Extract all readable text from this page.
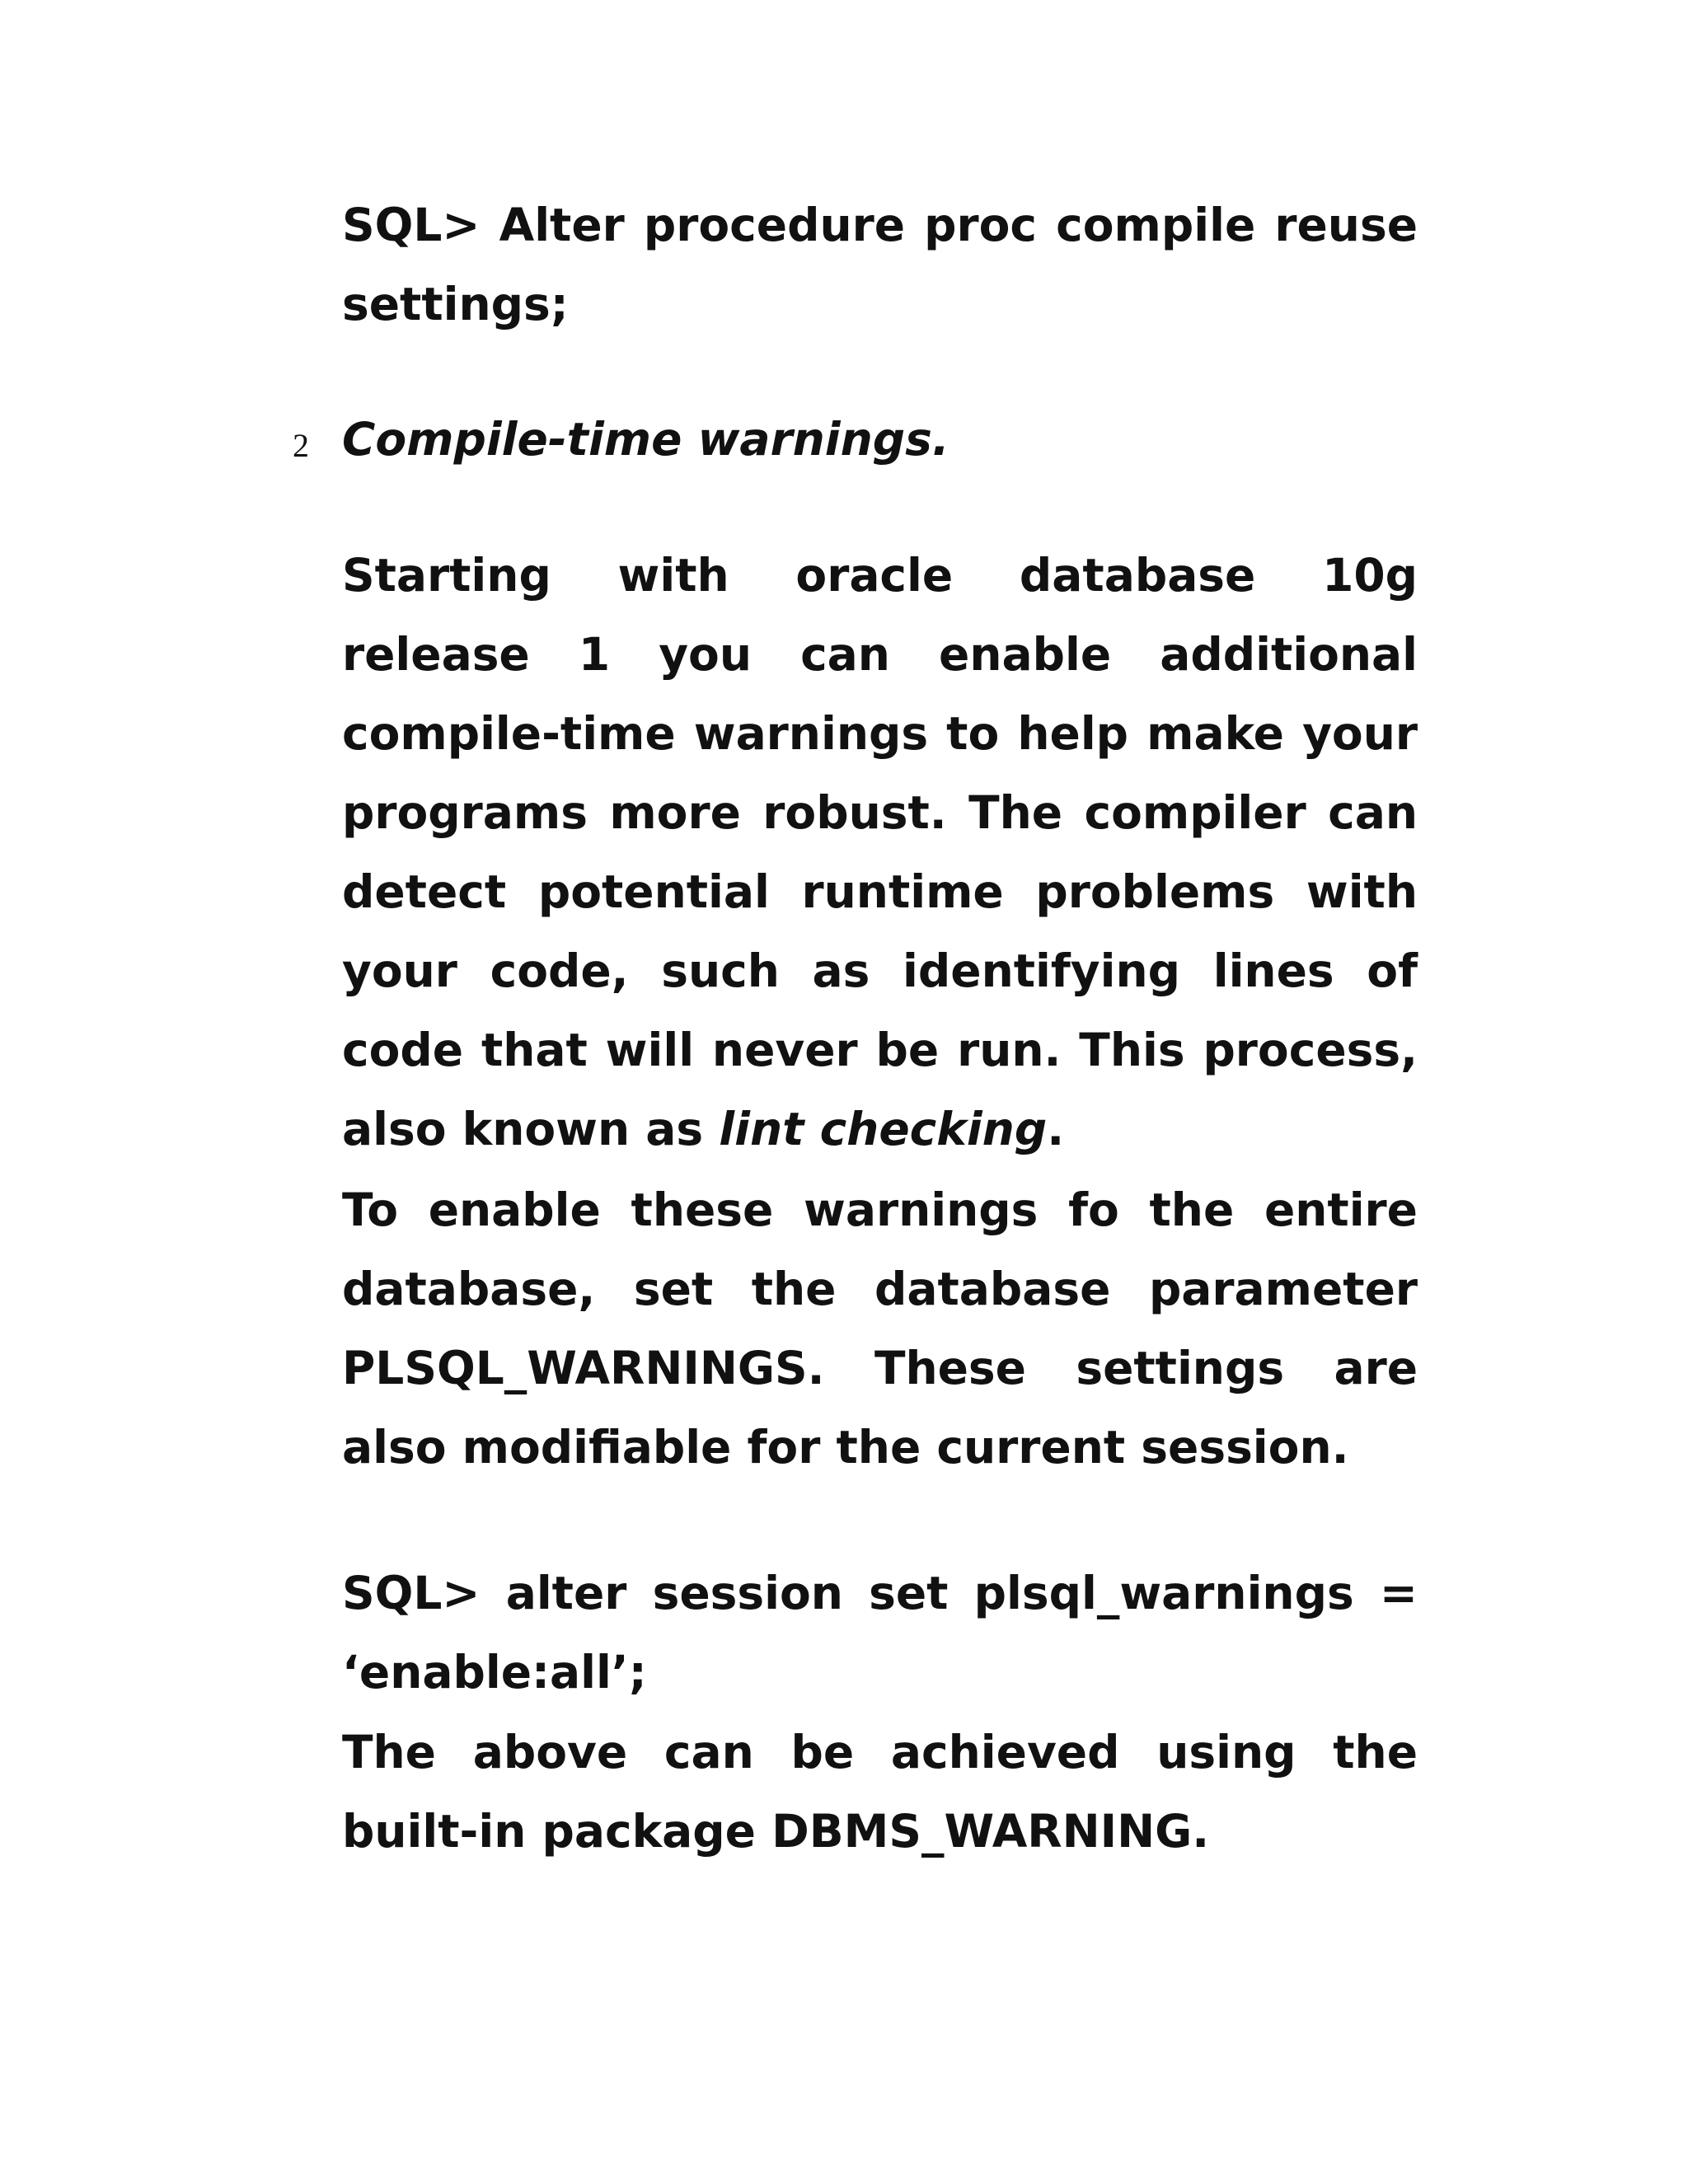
SQL> Alter procedure proc compile reuse
settings;
2 Compile-time warnings.
Starting with oracle database 10g release 1 you can enable additional compile-time warnings to help make your programs more robust. The compiler can detect potential runtime problems with your code, such as identifying lines of code that will never be run. This process, also known as lint checking.
To enable these warnings fo the entire database, set the database parameter PLSQL_WARNINGS. These settings are also modifiable for the current session.
SQL> alter session set plsql_warnings =
‘enable:all’;
The above can be achieved using the built-in package DBMS_WARNING.
